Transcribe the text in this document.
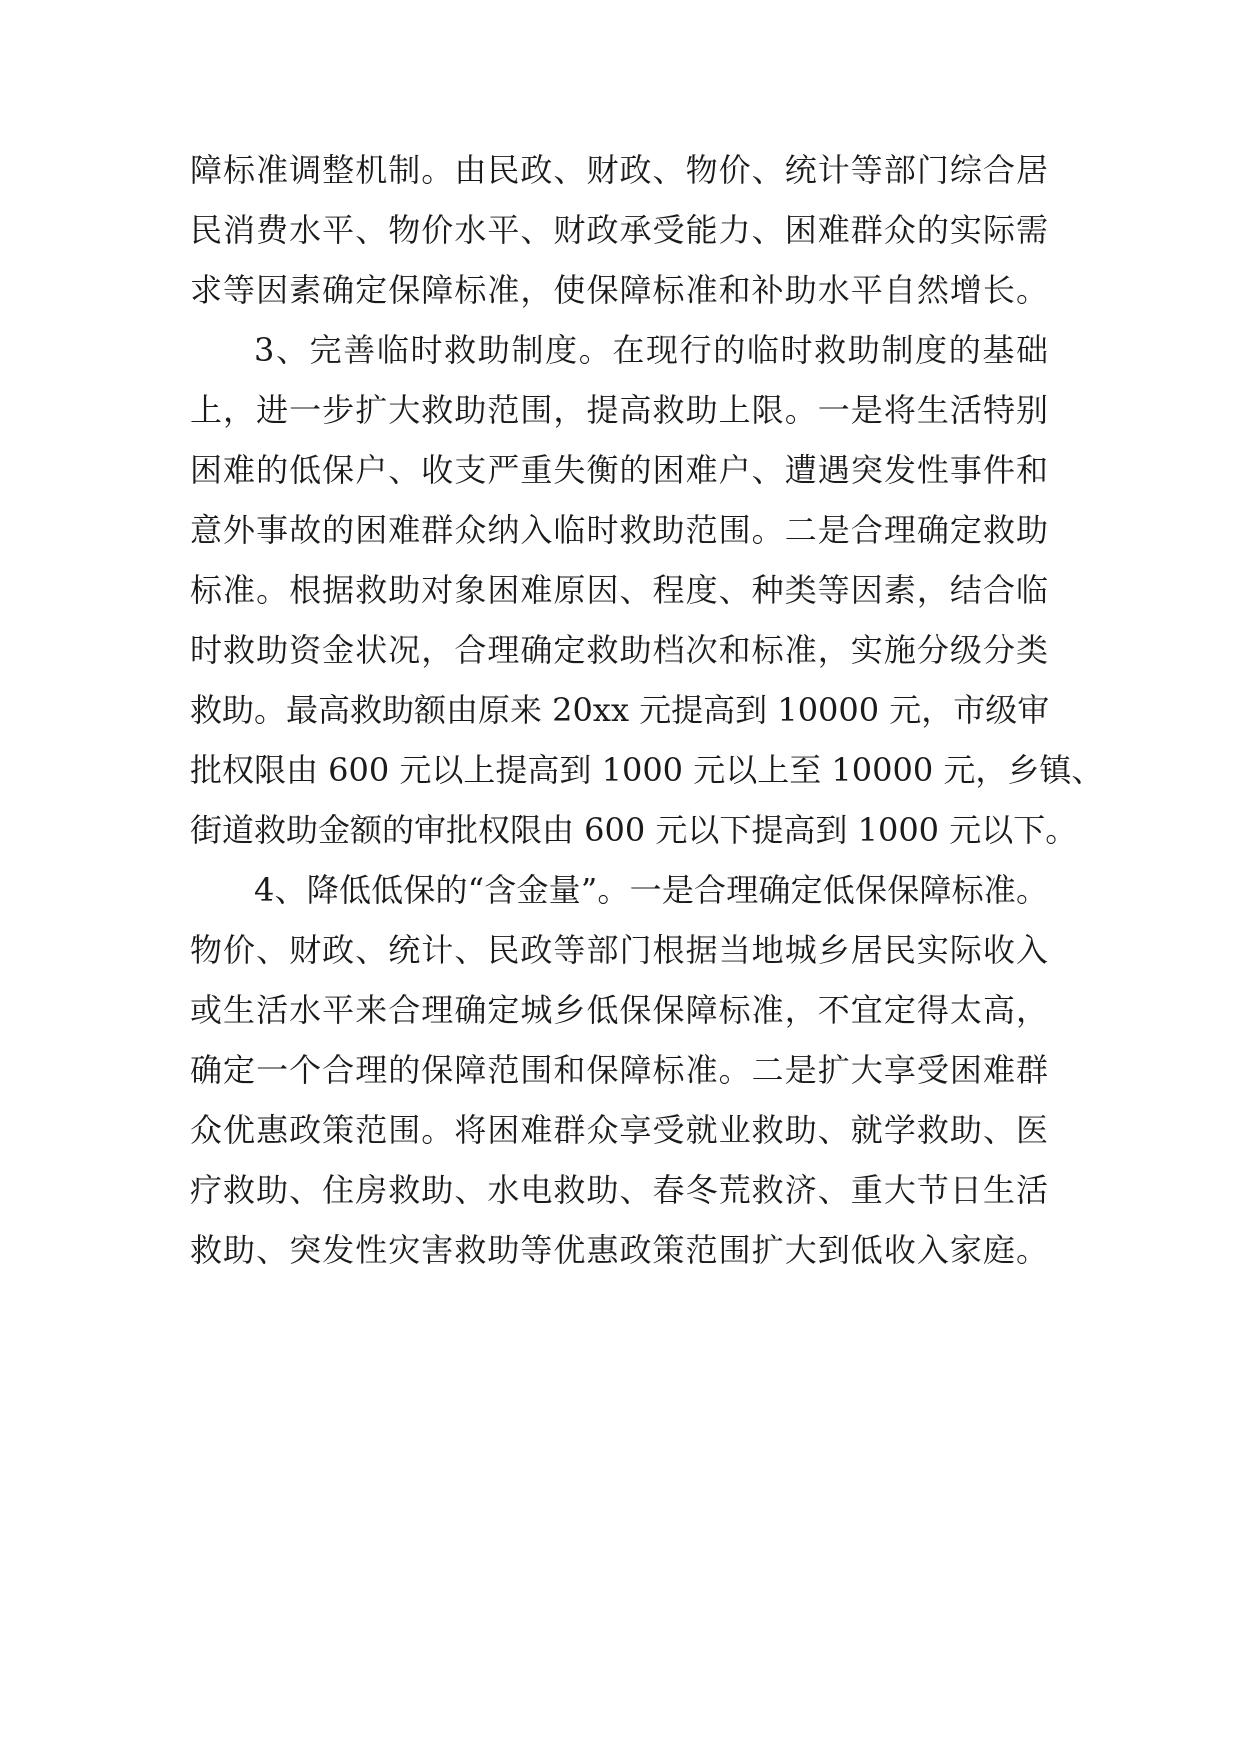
障标准调整机制。由民政、财政、物价、统计等部门综合居
民消费水平、物价水平、财政承受能力、困难群众的实际需
求等因素确定保障标准，使保障标准和补助水平自然增长。
3、完善临时救助制度。在现行的临时救助制度的基础
上，进一步扩大救助范围，提高救助上限。一是将生活特别
困难的低保户、收支严重失衡的困难户、遭遇突发性事件和
意外事故的困难群众纳入临时救助范围。二是合理确定救助
标准。根据救助对象困难原因、程度、种类等因素，结合临
时救助资金状况，合理确定救助档次和标准，实施分级分类
救助。最高救助额由原来 20xx 元提高到 10000 元，市级审
批权限由 600 元以上提高到 1000 元以上至 10000 元，乡镇、
街道救助金额的审批权限由 600 元以下提高到 1000 元以下。
4、降低低保的“含金量”。一是合理确定低保保障标准。
物价、财政、统计、民政等部门根据当地城乡居民实际收入
或生活水平来合理确定城乡低保保障标准，不宜定得太高，
确定一个合理的保障范围和保障标准。二是扩大享受困难群
众优惠政策范围。将困难群众享受就业救助、就学救助、医
疗救助、住房救助、水电救助、春冬荒救济、重大节日生活
救助、突发性灾害救助等优惠政策范围扩大到低收入家庭。
